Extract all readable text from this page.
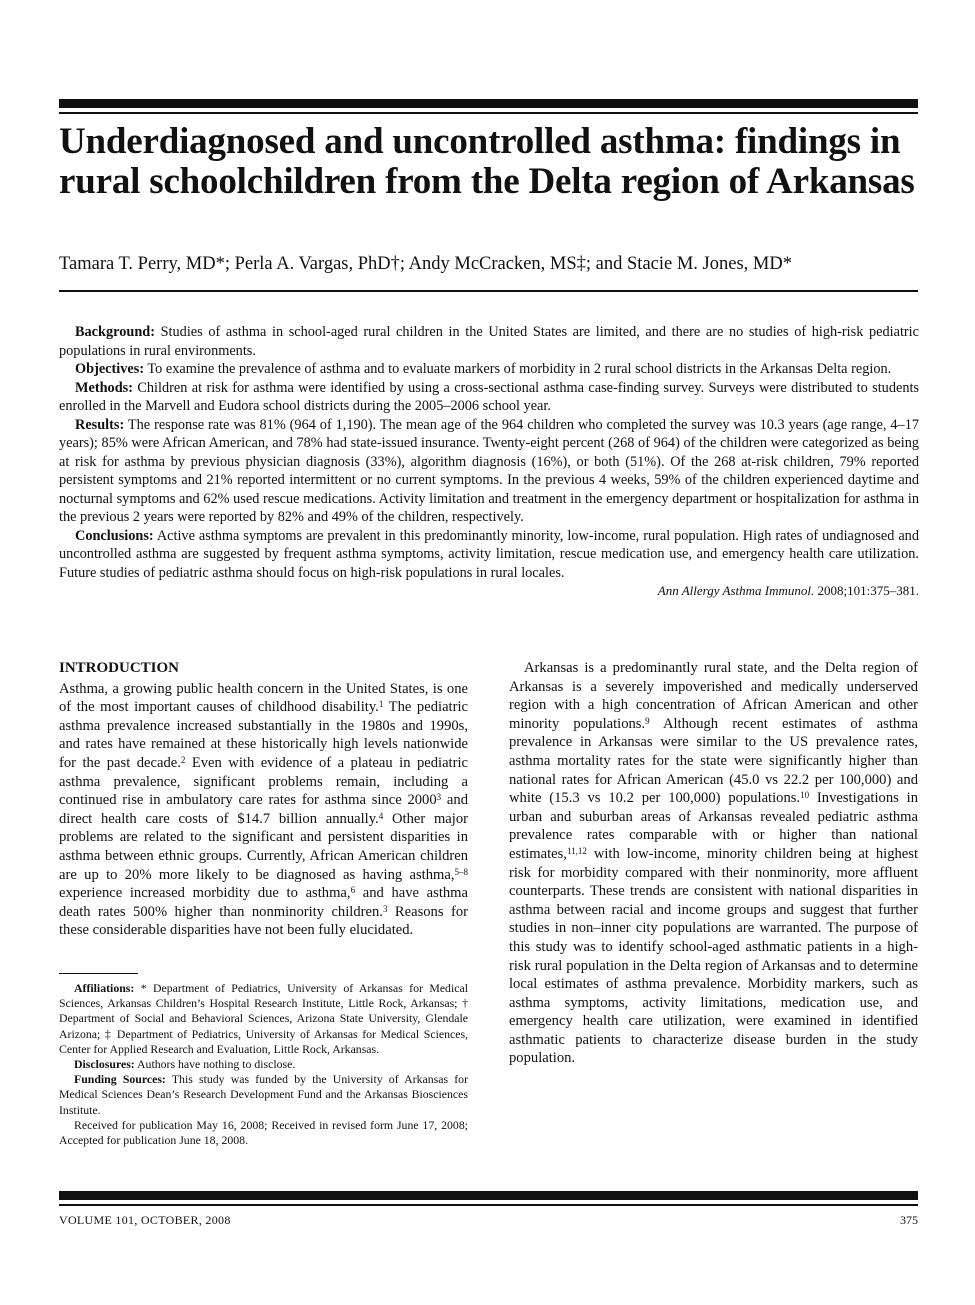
Underdiagnosed and uncontrolled asthma: findings in rural schoolchildren from the Delta region of Arkansas
Tamara T. Perry, MD*; Perla A. Vargas, PhD†; Andy McCracken, MS‡; and Stacie M. Jones, MD*

Background: Studies of asthma in school-aged rural children in the United States are limited, and there are no studies of high-risk pediatric populations in rural environments.

Objectives: To examine the prevalence of asthma and to evaluate markers of morbidity in 2 rural school districts in the Arkansas Delta region.

Methods: Children at risk for asthma were identified by using a cross-sectional asthma case-finding survey. Surveys were distributed to students enrolled in the Marvell and Eudora school districts during the 2005–2006 school year.

Results: The response rate was 81% (964 of 1,190). The mean age of the 964 children who completed the survey was 10.3 years (age range, 4–17 years); 85% were African American, and 78% had state-issued insurance. Twenty-eight percent (268 of 964) of the children were categorized as being at risk for asthma by previous physician diagnosis (33%), algorithm diagnosis (16%), or both (51%). Of the 268 at-risk children, 79% reported persistent symptoms and 21% reported intermittent or no current symptoms. In the previous 4 weeks, 59% of the children experienced daytime and nocturnal symptoms and 62% used rescue medications. Activity limitation and treatment in the emergency department or hospitalization for asthma in the previous 2 years were reported by 82% and 49% of the children, respectively.

Conclusions: Active asthma symptoms are prevalent in this predominantly minority, low-income, rural population. High rates of undiagnosed and uncontrolled asthma are suggested by frequent asthma symptoms, activity limitation, rescue medication use, and emergency health care utilization. Future studies of pediatric asthma should focus on high-risk populations in rural locales.

Ann Allergy Asthma Immunol. 2008;101:375–381.
INTRODUCTION

Asthma, a growing public health concern in the United States, is one of the most important causes of childhood disability.$^1$ The pediatric asthma prevalence increased substantially in the 1980s and 1990s, and rates have remained at these historically high levels nationwide for the past decade.$^2$ Even with evidence of a plateau in pediatric asthma prevalence, significant problems remain, including a continued rise in ambulatory care rates for asthma since 2000$^3$ and direct health care costs of $14.7 billion annually.$^4$ Other major problems are related to the significant and persistent disparities in asthma between ethnic groups. Currently, African American children are up to 20% more likely to be diagnosed as having asthma,$^{5-8}$ experience increased morbidity due to asthma,$^6$ and have asthma death rates 500% higher than nonminority children.$^3$ Reasons for these considerable disparities have not been fully elucidated.

Arkansas is a predominantly rural state, and the Delta region of Arkansas is a severely impoverished and medically underserved region with a high concentration of African American and other minority populations.$^9$ Although recent estimates of asthma prevalence in Arkansas were similar to the US prevalence rates, asthma mortality rates for the state were significantly higher than national rates for African American (45.0 vs 22.2 per 100,000) and white (15.3 vs 10.2 per 100,000) populations.$^{10}$ Investigations in urban and suburban areas of Arkansas revealed pediatric asthma prevalence rates comparable with or higher than national estimates,$^{11,12}$ with low-income, minority children being at highest risk for morbidity compared with their nonminority, more affluent counterparts. These trends are consistent with national disparities in asthma between racial and income groups and suggest that further studies in non–inner city populations are warranted. The purpose of this study was to identify school-aged asthmatic patients in a high-risk rural population in the Delta region of Arkansas and to determine local estimates of asthma prevalence. Morbidity markers, such as asthma symptoms, activity limitations, medication use, and emergency health care utilization, were examined in identified asthmatic patients to characterize disease burden in the study population.

Affiliations: * Department of Pediatrics, University of Arkansas for Medical Sciences, Arkansas Children’s Hospital Research Institute, Little Rock, Arkansas; † Department of Social and Behavioral Sciences, Arizona State University, Glendale Arizona; ‡ Department of Pediatrics, University of Arkansas for Medical Sciences, Center for Applied Research and Evaluation, Little Rock, Arkansas.

Disclosures: Authors have nothing to disclose.

Funding Sources: This study was funded by the University of Arkansas for Medical Sciences Dean’s Research Development Fund and the Arkansas Biosciences Institute.

Received for publication May 16, 2008; Received in revised form June 17, 2008; Accepted for publication June 18, 2008.

VOLUME 101, OCTOBER, 2008	375
